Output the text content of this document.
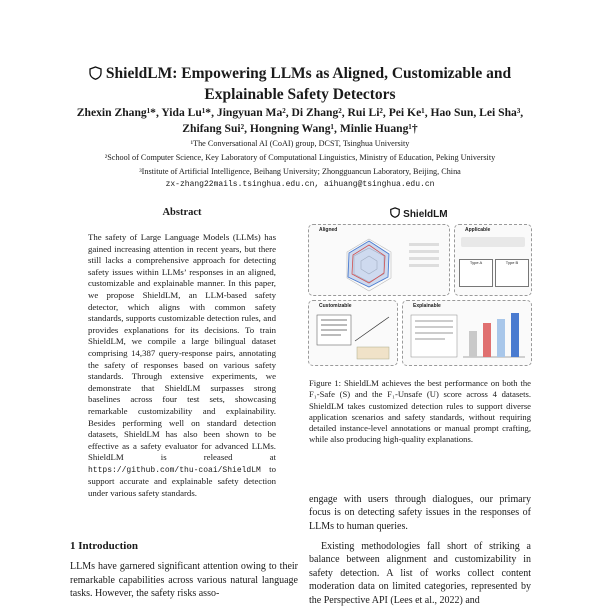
ShieldLM: Empowering LLMs as Aligned, Customizable and
Explainable Safety Detectors
Zhexin Zhang¹*, Yida Lu¹*, Jingyuan Ma², Di Zhang², Rui Li², Pei Ke¹, Hao Sun, Lei Sha³,
Zhifang Sui², Hongning Wang¹, Minlie Huang¹†
¹The Conversational AI (CoAI) group, DCST, Tsinghua University
²School of Computer Science, Key Laboratory of Computational Linguistics, Ministry of Education, Peking University
³Institute of Artificial Intelligence, Beihang University; Zhongguancun Laboratory, Beijing, China
zx-zhang22mails.tsinghua.edu.cn, aihuang@tsinghua.edu.cn
Abstract
The safety of Large Language Models (LLMs) has gained increasing attention in recent years, but there still lacks a comprehensive approach for detecting safety issues within LLMs’ responses in an aligned, customizable and explainable manner. In this paper, we propose ShieldLM, an LLM-based safety detector, which aligns with common safety standards, supports customizable detection rules, and provides explanations for its decisions. To train ShieldLM, we compile a large bilingual dataset comprising 14,387 query-response pairs, annotating the safety of responses based on various safety standards. Through extensive experiments, we demonstrate that ShieldLM surpasses strong baselines across four test sets, showcasing remarkable customizability and explainability. Besides performing well on standard detection datasets, ShieldLM has also been shown to be effective as a safety evaluator for advanced LLMs. ShieldLM is released at https://github.com/thu-coai/ShieldLM to support accurate and explainable safety detection under various safety standards.
1 Introduction
LLMs have garnered significant attention owing to their remarkable capabilities across various natural language tasks. However, the safety risks asso-
ShieldLM
Aligned	Applicable
Type A	Type B
Customizable	Explainable
Figure 1: ShieldLM achieves the best performance on both the F₁-Safe (S) and the F₁-Unsafe (U) score across 4 datasets. ShieldLM takes customized detection rules to support diverse application scenarios and safety standards, without requiring detailed instance-level annotations or manual prompt crafting, while also producing high-quality explanations.
engage with users through dialogues, our primary focus is on detecting safety issues in the responses of LLMs to human queries.
Existing methodologies fall short of striking a balance between alignment and customizability in safety detection. A list of works collect content moderation data on limited categories, represented by the Perspective API (Lees et al., 2022) and
